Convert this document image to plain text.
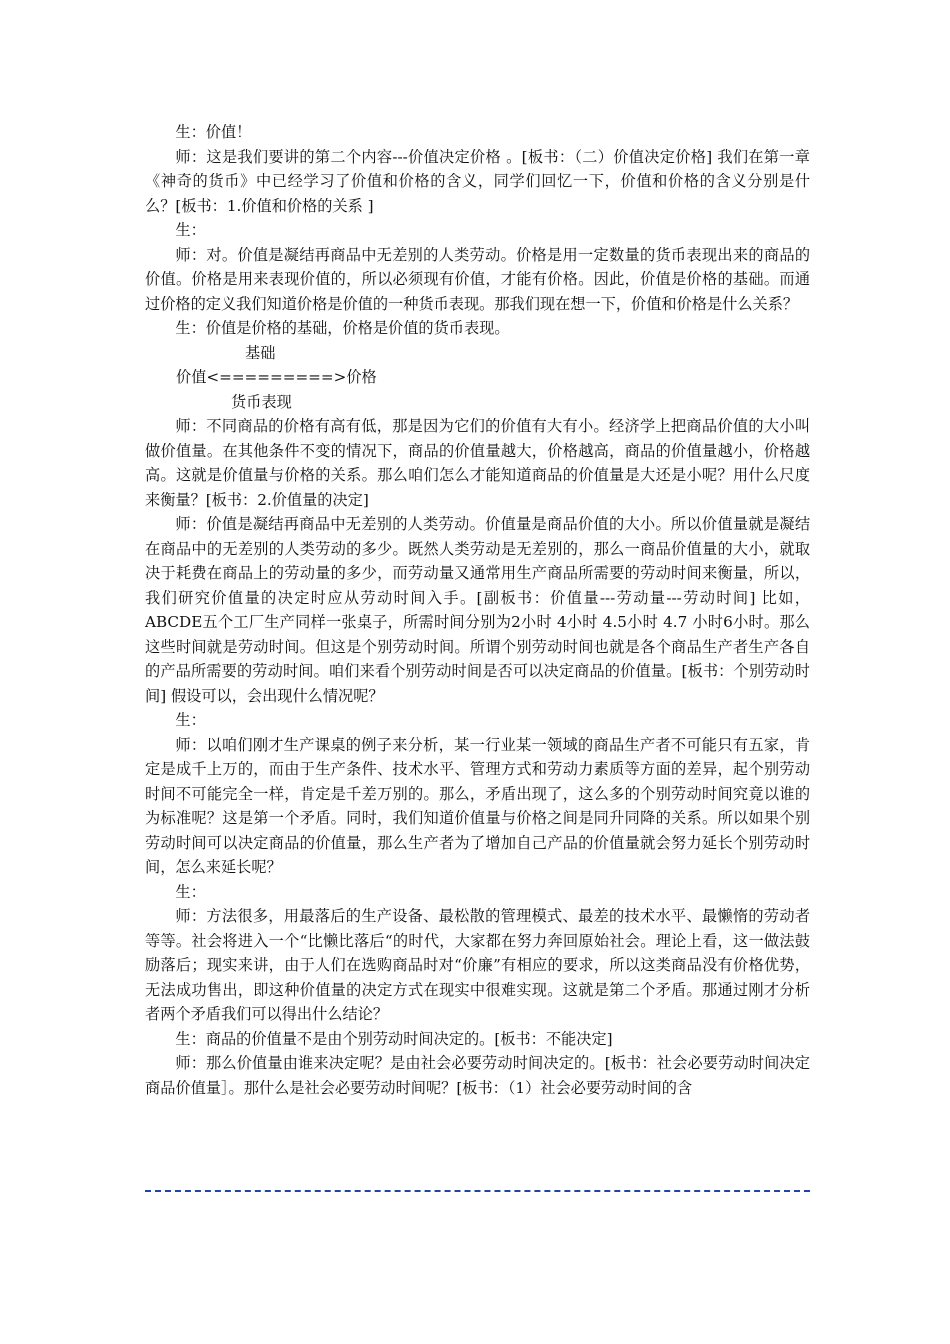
生：价值！

师：这是我们要讲的第二个内容---价值决定价格 。[板书：（二）价值决定价格] 我们在第一章《神奇的货币》中已经学习了价值和价格的含义，同学们回忆一下，价值和价格的含义分别是什么？[板书：1.价值和价格的关系 ]

生：

师：对。价值是凝结再商品中无差别的人类劳动。价格是用一定数量的货币表现出来的商品的价值。价格是用来表现价值的，所以必须现有价值，才能有价格。因此，价值是价格的基础。而通过价格的定义我们知道价格是价值的一种货币表现。那我们现在想一下，价值和价格是什么关系？

生：价值是价格的基础，价格是价值的货币表现。

基础
价值<=========>价格
货币表现

师：不同商品的价格有高有低，那是因为它们的价值有大有小。经济学上把商品价值的大小叫做价值量。在其他条件不变的情况下，商品的价值量越大，价格越高，商品的价值量越小，价格越高。这就是价值量与价格的关系。那么咱们怎么才能知道商品的价值量是大还是小呢？用什么尺度来衡量？[板书：2.价值量的决定]

师：价值是凝结再商品中无差别的人类劳动。价值量是商品价值的大小。所以价值量就是凝结在商品中的无差别的人类劳动的多少。既然人类劳动是无差别的，那么一商品价值量的大小，就取决于耗费在商品上的劳动量的多少，而劳动量又通常用生产商品所需要的劳动时间来衡量，所以，我们研究价值量的决定时应从劳动时间入手。[副板书：价值量---劳动量---劳动时间] 比如，ABCDE五个工厂生产同样一张桌子，所需时间分别为2小时 4小时 4.5小时 4.7 小时6小时。那么这些时间就是劳动时间。但这是个别劳动时间。所谓个别劳动时间也就是各个商品生产者生产各自的产品所需要的劳动时间。咱们来看个别劳动时间是否可以决定商品的价值量。[板书：个别劳动时间] 假设可以，会出现什么情况呢？

生：

师：以咱们刚才生产课桌的例子来分析，某一行业某一领域的商品生产者不可能只有五家，肯定是成千上万的，而由于生产条件、技术水平、管理方式和劳动力素质等方面的差异，起个别劳动时间不可能完全一样，肯定是千差万别的。那么，矛盾出现了，这么多的个别劳动时间究竟以谁的为标准呢？这是第一个矛盾。同时，我们知道价值量与价格之间是同升同降的关系。所以如果个别劳动时间可以决定商品的价值量，那么生产者为了增加自己产品的价值量就会努力延长个别劳动时间，怎么来延长呢？

生：

师：方法很多，用最落后的生产设备、最松散的管理模式、最差的技术水平、最懒惰的劳动者等等。社会将进入一个“比懒比落后“的时代，大家都在努力奔回原始社会。理论上看，这一做法鼓励落后；现实来讲，由于人们在选购商品时对“价廉”有相应的要求，所以这类商品没有价格优势，无法成功售出，即这种价值量的决定方式在现实中很难实现。这就是第二个矛盾。那通过刚才分析者两个矛盾我们可以得出什么结论？

生：商品的价值量不是由个别劳动时间决定的。[板书：不能决定]

师：那么价值量由谁来决定呢？是由社会必要劳动时间决定的。[板书：社会必要劳动时间决定商品价值量］。那什么是社会必要劳动时间呢？[板书：（1）社会必要劳动时间的含
